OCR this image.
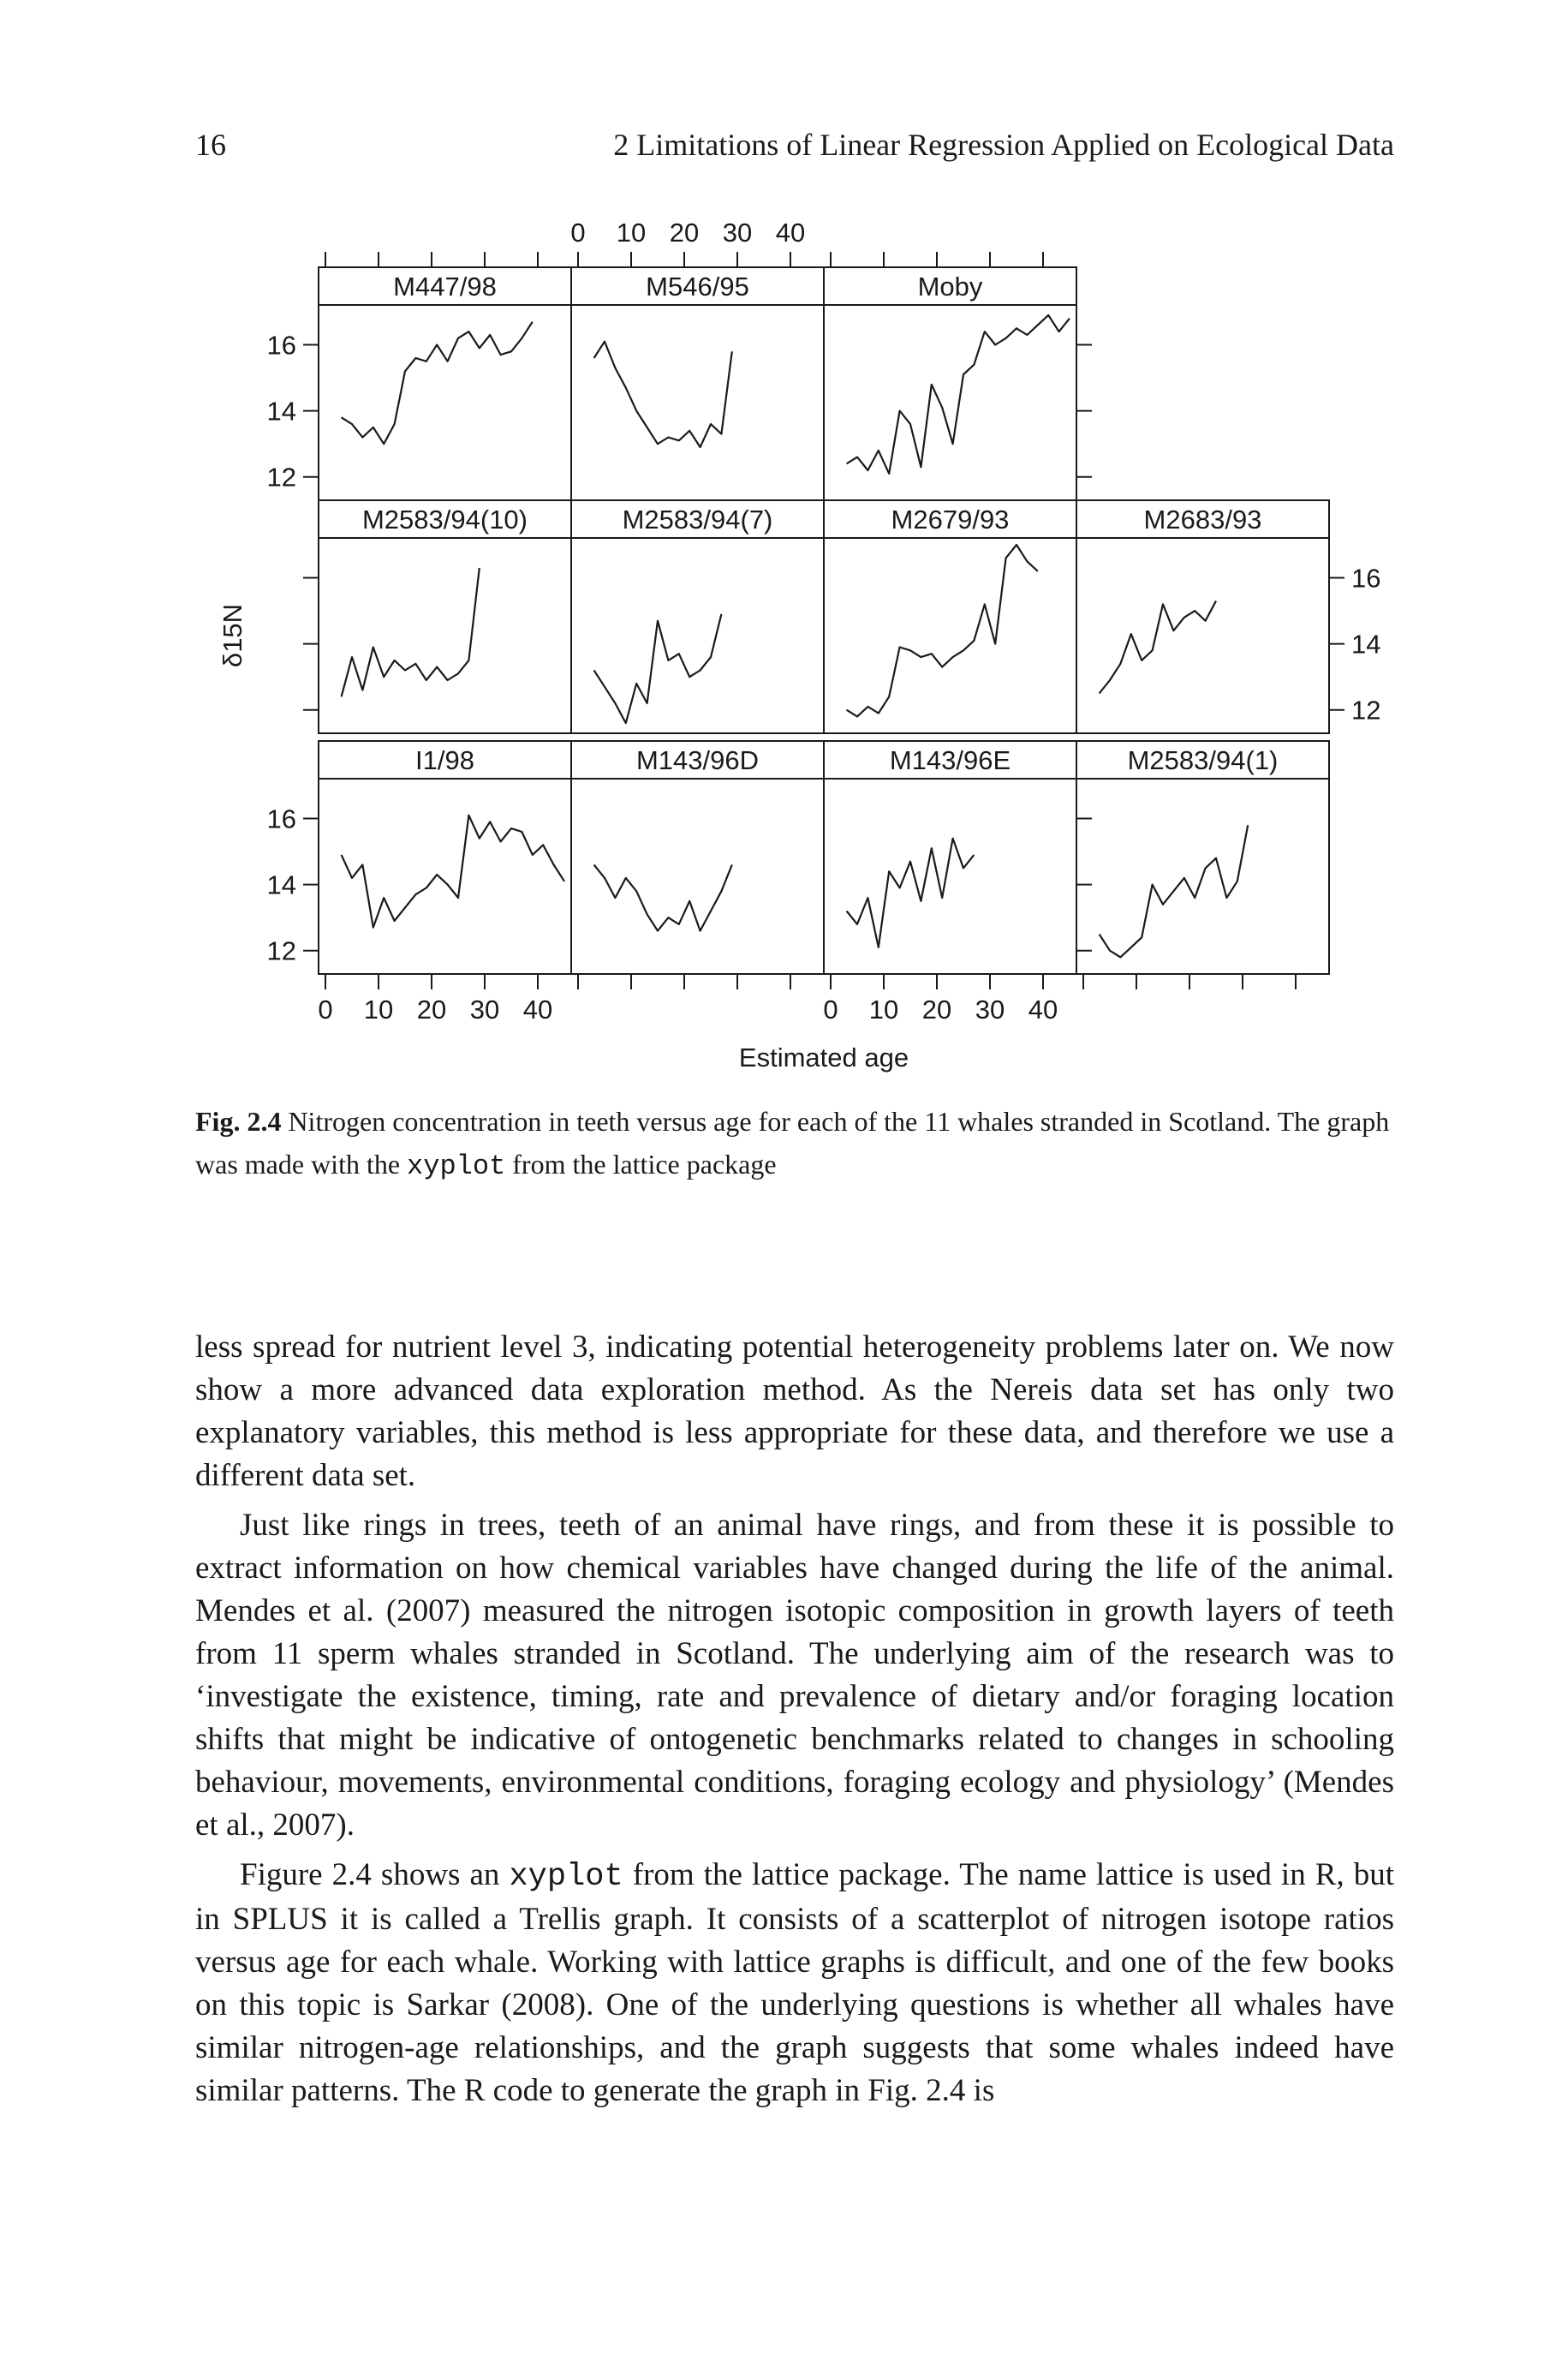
16	2 Limitations of Linear Regression Applied on Ecological Data
M447/98	M546/95	Moby
M2583/94(10)	M2583/94(7)	M2679/93	M2683/93
I1/98	M143/96D	M143/96E	M2583/94(1)
0 10 20 30 40
0 10 20 30 40	0 10 20 30 40
12
14
16
12
14
16
12
14
16
Estimated age
δ15N
Fig. 2.4 Nitrogen concentration in teeth versus age for each of the 11 whales stranded in Scotland. The graph was made with the xyplot from the lattice package

less spread for nutrient level 3, indicating potential heterogeneity problems later on. We now show a more advanced data exploration method. As the Nereis data set has only two explanatory variables, this method is less appropriate for these data, and therefore we use a different data set.

Just like rings in trees, teeth of an animal have rings, and from these it is possible to extract information on how chemical variables have changed during the life of the animal. Mendes et al. (2007) measured the nitrogen isotopic composition in growth layers of teeth from 11 sperm whales stranded in Scotland. The underlying aim of the research was to ‘investigate the existence, timing, rate and prevalence of dietary and/or foraging location shifts that might be indicative of ontogenetic benchmarks related to changes in schooling behaviour, movements, environmental conditions, foraging ecology and physiology’ (Mendes et al., 2007).

Figure 2.4 shows an xyplot from the lattice package. The name lattice is used in R, but in SPLUS it is called a Trellis graph. It consists of a scatterplot of nitrogen isotope ratios versus age for each whale. Working with lattice graphs is difficult, and one of the few books on this topic is Sarkar (2008). One of the underlying questions is whether all whales have similar nitrogen-age relationships, and the graph suggests that some whales indeed have similar patterns. The R code to generate the graph in Fig. 2.4 is
